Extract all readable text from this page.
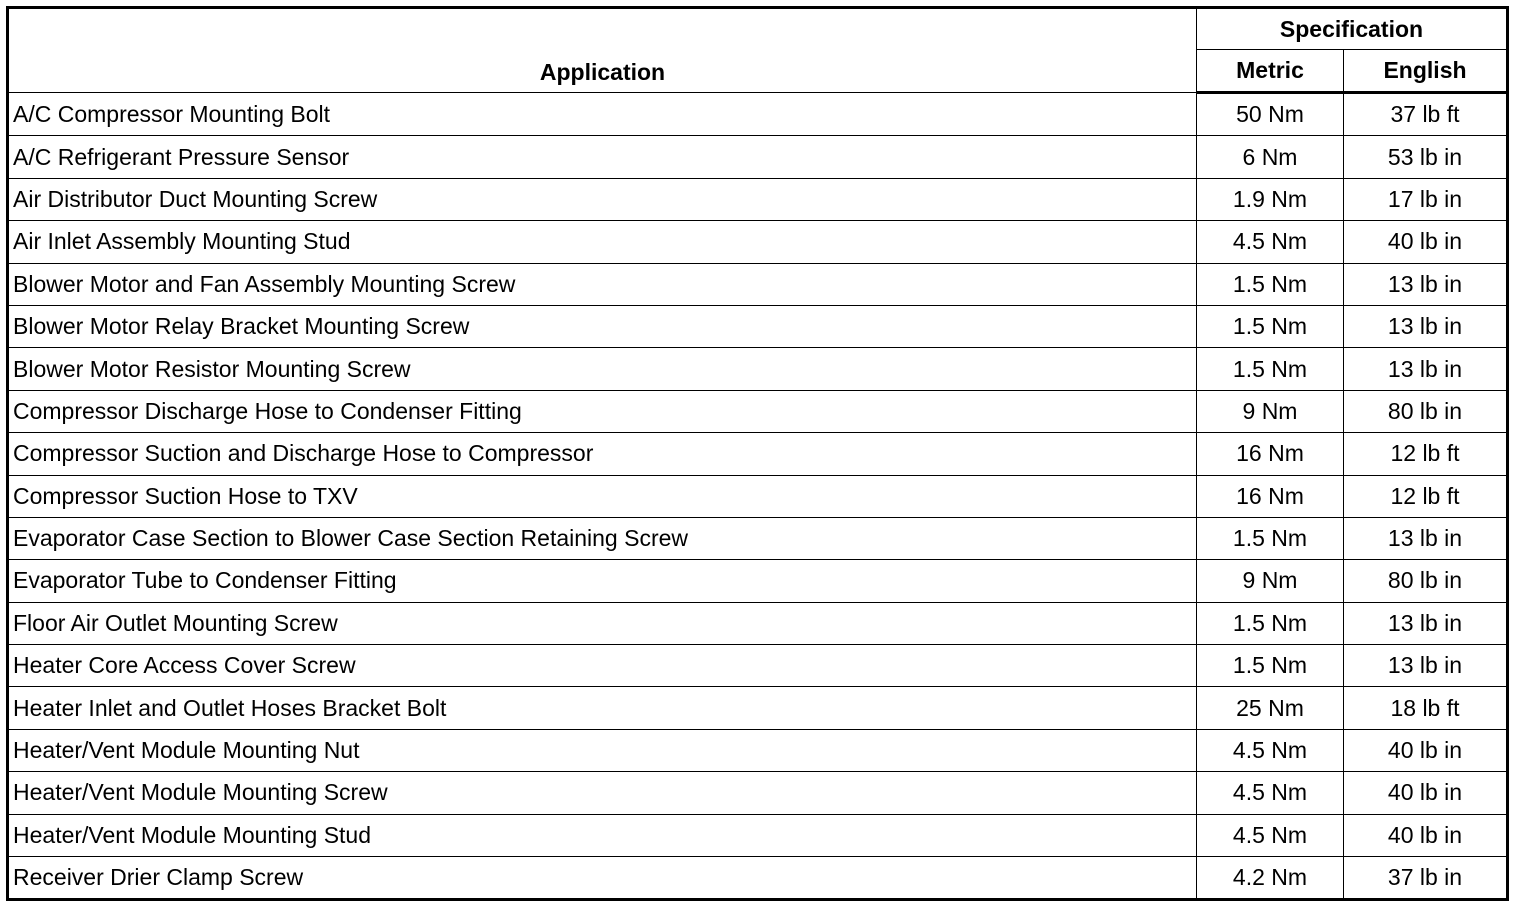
Application	Specification	
	Metric	English
A/C Compressor Mounting Bolt	50 Nm	37 lb ft
A/C Refrigerant Pressure Sensor	6 Nm	53 lb in
Air Distributor Duct Mounting Screw	1.9 Nm	17 lb in
Air Inlet Assembly Mounting Stud	4.5 Nm	40 lb in
Blower Motor and Fan Assembly Mounting Screw	1.5 Nm	13 lb in
Blower Motor Relay Bracket Mounting Screw	1.5 Nm	13 lb in
Blower Motor Resistor Mounting Screw	1.5 Nm	13 lb in
Compressor Discharge Hose to Condenser Fitting	9 Nm	80 lb in
Compressor Suction and Discharge Hose to Compressor	16 Nm	12 lb ft
Compressor Suction Hose to TXV	16 Nm	12 lb ft
Evaporator Case Section to Blower Case Section Retaining Screw	1.5 Nm	13 lb in
Evaporator Tube to Condenser Fitting	9 Nm	80 lb in
Floor Air Outlet Mounting Screw	1.5 Nm	13 lb in
Heater Core Access Cover Screw	1.5 Nm	13 lb in
Heater Inlet and Outlet Hoses Bracket Bolt	25 Nm	18 lb ft
Heater/Vent Module Mounting Nut	4.5 Nm	40 lb in
Heater/Vent Module Mounting Screw	4.5 Nm	40 lb in
Heater/Vent Module Mounting Stud	4.5 Nm	40 lb in
Receiver Drier Clamp Screw	4.2 Nm	37 lb in
